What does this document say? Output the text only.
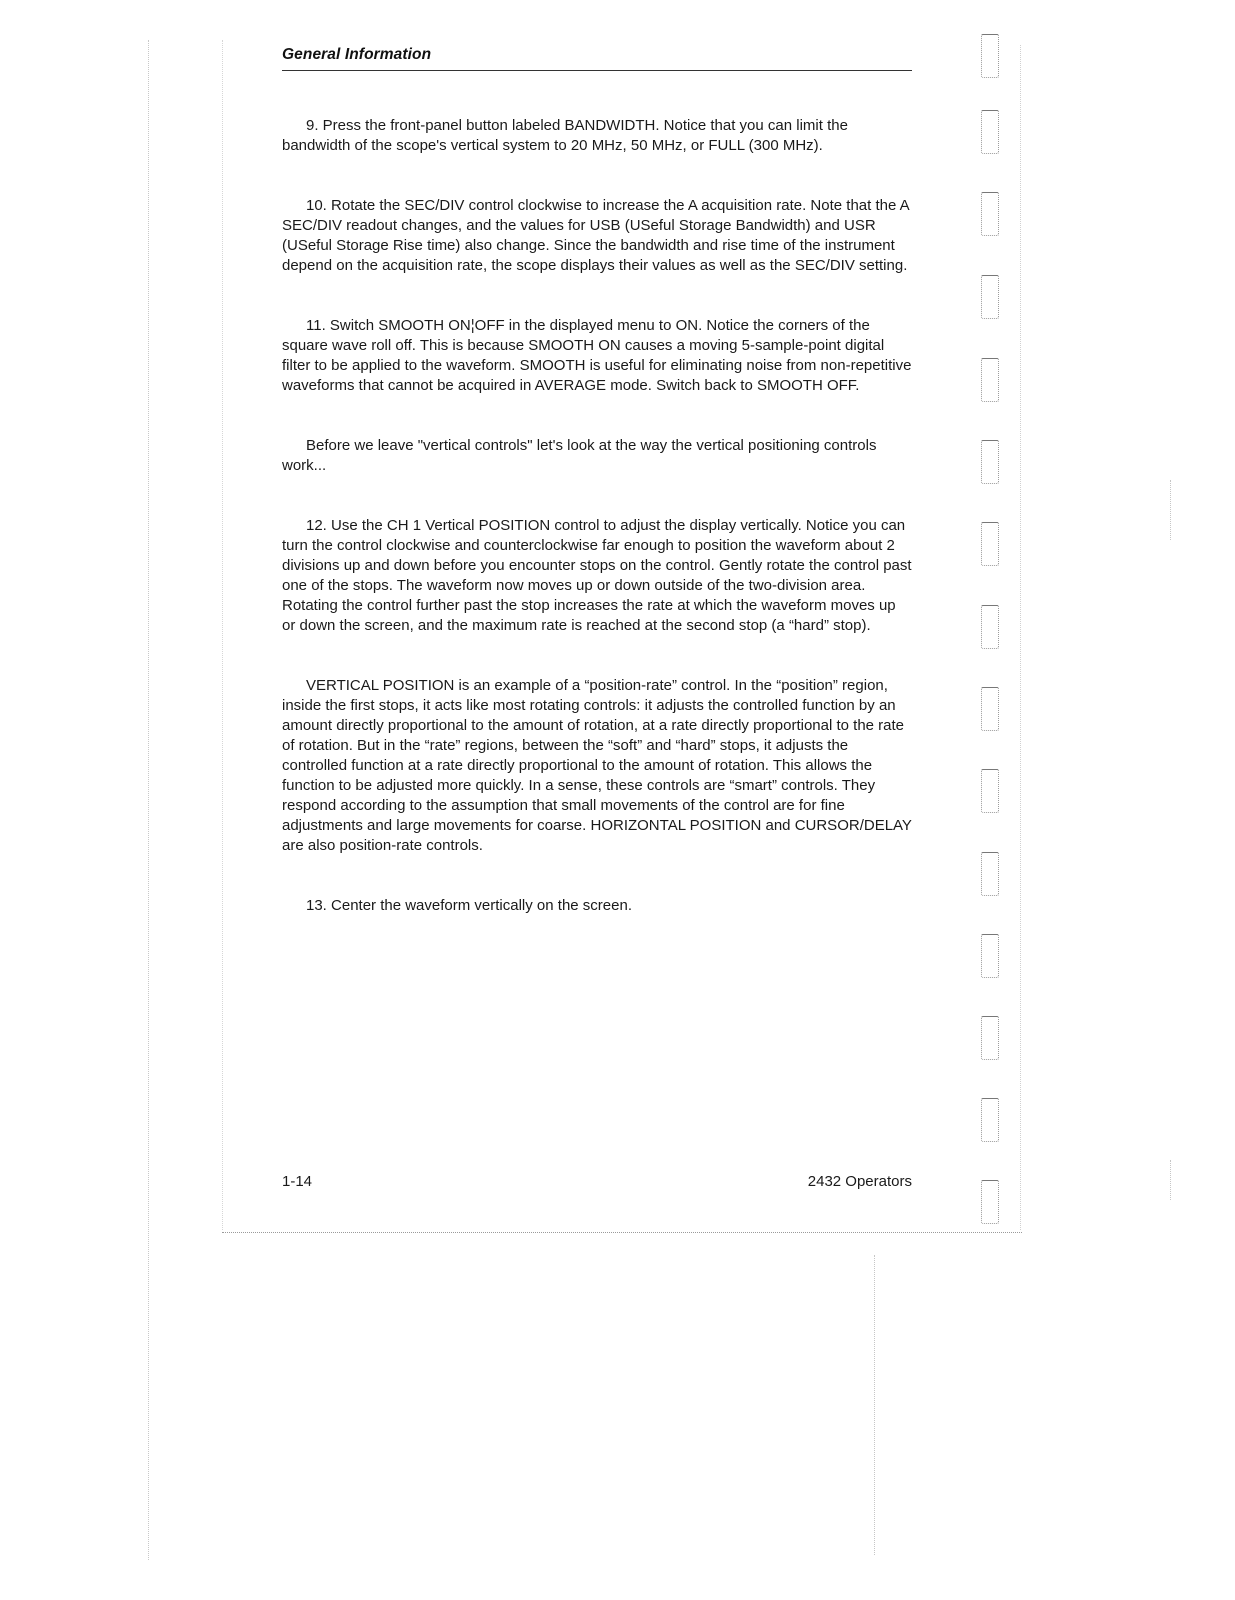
General Information

9. Press the front-panel button labeled BANDWIDTH. Notice that you can limit the bandwidth of the scope's vertical system to 20 MHz, 50 MHz, or FULL (300 MHz).

10. Rotate the SEC/DIV control clockwise to increase the A acquisition rate. Note that the A SEC/DIV readout changes, and the values for USB (USeful Storage Bandwidth) and USR (USeful Storage Rise time) also change. Since the bandwidth and rise time of the instrument depend on the acquisition rate, the scope displays their values as well as the SEC/DIV setting.

11. Switch SMOOTH ON¦OFF in the displayed menu to ON. Notice the corners of the square wave roll off. This is because SMOOTH ON causes a moving 5-sample-point digital filter to be applied to the waveform. SMOOTH is useful for eliminating noise from non-repetitive waveforms that cannot be acquired in AVERAGE mode. Switch back to SMOOTH OFF.

Before we leave "vertical controls" let's look at the way the vertical positioning controls work...

12. Use the CH 1 Vertical POSITION control to adjust the display vertically. Notice you can turn the control clockwise and counterclockwise far enough to position the waveform about 2 divisions up and down before you encounter stops on the control. Gently rotate the control past one of the stops. The waveform now moves up or down outside of the two-division area. Rotating the control further past the stop increases the rate at which the waveform moves up or down the screen, and the maximum rate is reached at the second stop (a “hard” stop).

VERTICAL POSITION is an example of a “position-rate” control. In the “position” region, inside the first stops, it acts like most rotating controls: it adjusts the controlled function by an amount directly proportional to the amount of rotation, at a rate directly proportional to the rate of rotation. But in the “rate” regions, between the “soft” and “hard” stops, it adjusts the controlled function at a rate directly proportional to the amount of rotation. This allows the function to be adjusted more quickly. In a sense, these controls are “smart” controls. They respond according to the assumption that small movements of the control are for fine adjustments and large movements for coarse. HORIZONTAL POSITION and CURSOR/DELAY are also position-rate controls.

13. Center the waveform vertically on the screen.

1-14	2432 Operators
